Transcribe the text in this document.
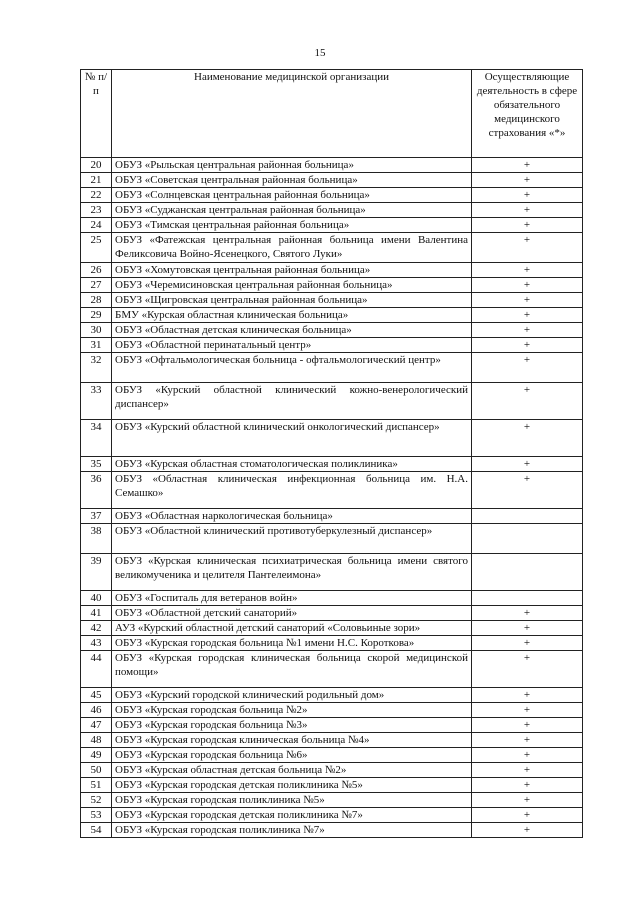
15
№ п/п	Наименование медицинской организации	Осуществляющие деятельность в сфере обязательного медицинского страхования «*»
20	ОБУЗ «Рыльская центральная районная больница»	+
21	ОБУЗ «Советская центральная районная больница»	+
22	ОБУЗ «Солнцевская центральная районная больница»	+
23	ОБУЗ «Суджанская центральная районная больница»	+
24	ОБУЗ «Тимская центральная районная больница»	+
25	ОБУЗ «Фатежская центральная районная больница имени Валентина Феликсовича Войно-Ясенецкого, Святого Луки»	+
26	ОБУЗ «Хомутовская центральная районная больница»	+
27	ОБУЗ «Черемисиновская центральная районная больница»	+
28	ОБУЗ «Щигровская центральная районная больница»	+
29	БМУ «Курская областная клиническая больница»	+
30	ОБУЗ «Областная детская клиническая больница»	+
31	ОБУЗ «Областной перинатальный центр»	+
32	ОБУЗ «Офтальмологическая больница - офтальмологический центр»	+
33	ОБУЗ «Курский областной клинический кожно-венерологический диспансер»	+
34	ОБУЗ «Курский областной клинический онкологический диспансер»	+
35	ОБУЗ «Курская областная стоматологическая поликлиника»	+
36	ОБУЗ «Областная клиническая инфекционная больница им. Н.А. Семашко»	+
37	ОБУЗ «Областная наркологическая больница»	
38	ОБУЗ «Областной клинический противотуберкулезный диспансер»	
39	ОБУЗ «Курская клиническая психиатрическая больница имени святого великомученика и целителя Пантелеимона»	
40	ОБУЗ «Госпиталь для ветеранов войн»	
41	ОБУЗ «Областной детский санаторий»	+
42	АУЗ «Курский областной детский санаторий «Соловьиные зори»	+
43	ОБУЗ «Курская городская больница №1 имени Н.С. Короткова»	+
44	ОБУЗ «Курская городская клиническая больница скорой медицинской помощи»	+
45	ОБУЗ «Курский городской клинический родильный дом»	+
46	ОБУЗ «Курская городская больница №2»	+
47	ОБУЗ «Курская городская больница №3»	+
48	ОБУЗ «Курская городская клиническая больница №4»	+
49	ОБУЗ «Курская городская больница №6»	+
50	ОБУЗ «Курская областная детская больница №2»	+
51	ОБУЗ «Курская городская детская поликлиника №5»	+
52	ОБУЗ «Курская городская поликлиника №5»	+
53	ОБУЗ «Курская городская детская поликлиника №7»	+
54	ОБУЗ «Курская городская поликлиника №7»	+
